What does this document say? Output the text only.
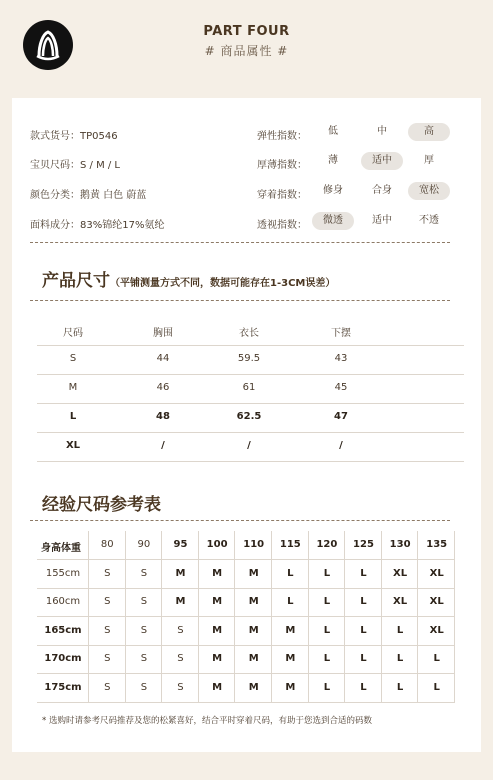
PART FOUR
# 商品属性 #
款式货号：TP0546	弹性指数：	低	中	高
宝贝尺码：S / M / L	厚薄指数：	薄	适中	厚
颜色分类：鹅黄 白色 蔚蓝	穿着指数：	修身	合身	宽松
面料成分：83%锦纶17%氨纶	透视指数：	微透	适中	不透
产品尺寸（平铺测量方式不同，数据可能存在1-3CM误差）
尺码	胸围	衣长	下摆
S	44	59.5	43
M	46	61	45
L	48	62.5	47
XL	/	/	/
经验尺码参考表
身高体重	80	90	95	100	110	115	120	125	130	135
155cm	S	S	M	M	M	L	L	L	XL	XL
160cm	S	S	M	M	M	L	L	L	XL	XL
165cm	S	S	S	M	M	M	L	L	L	XL
170cm	S	S	S	M	M	M	L	L	L	L
175cm	S	S	S	M	M	M	L	L	L	L
* 选购时请参考尺码推荐及您的松紧喜好，结合平时穿着尺码，有助于您选到合适的码数
